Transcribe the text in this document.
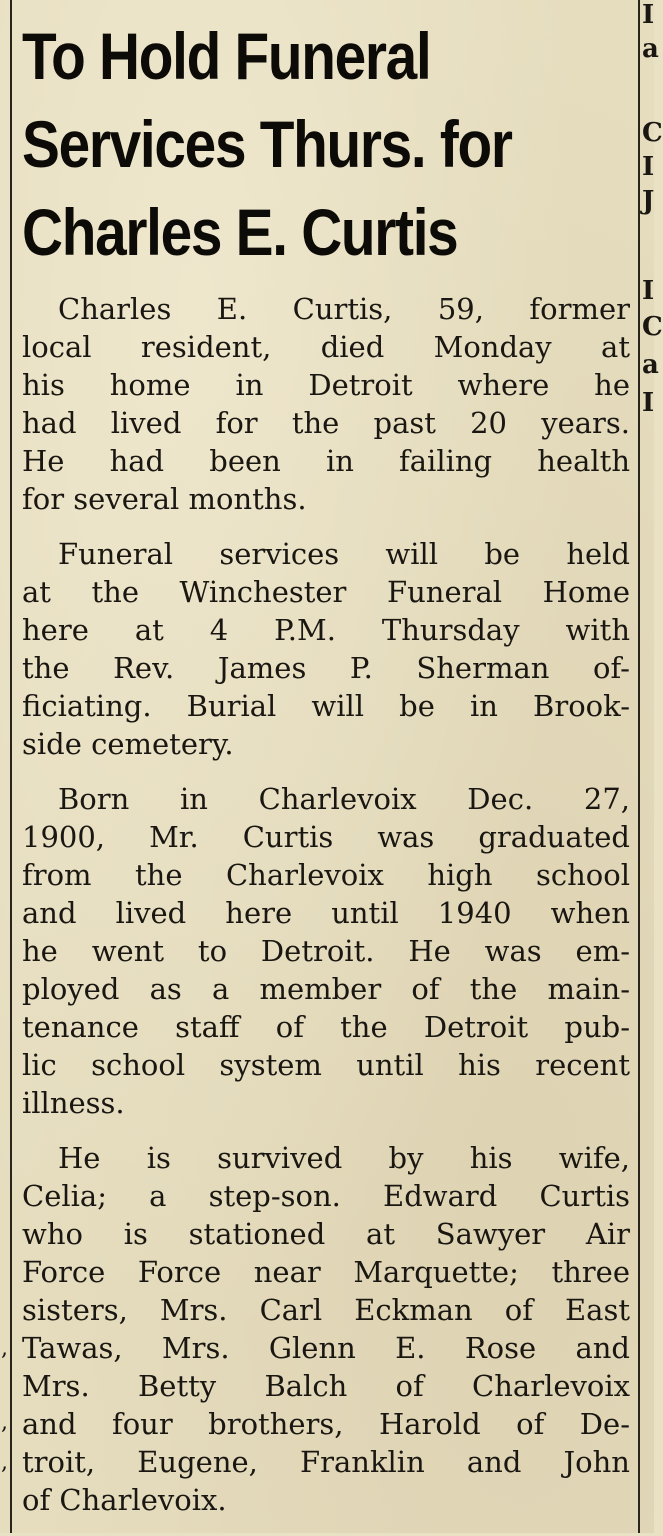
,
,
,
I
a
C
I
J
I
C
a
I
To Hold Funeral
Services Thurs. for
Charles E. Curtis

Charles E. Curtis, 59, former
local resident, died Monday at
his home in Detroit where he
had lived for the past 20 years.
He had been in failing health
for several months.

Funeral services will be held
at the Winchester Funeral Home
here at 4 P.M. Thursday with
the Rev. James P. Sherman of-
ficiating. Burial will be in Brook-
side cemetery.

Born in Charlevoix Dec. 27,
1900, Mr. Curtis was graduated
from the Charlevoix high school
and lived here until 1940 when
he went to Detroit. He was em-
ployed as a member of the main-
tenance staff of the Detroit pub-
lic school system until his recent
illness.

He is survived by his wife,
Celia; a step-son. Edward Curtis
who is stationed at Sawyer Air
Force Force near Marquette; three
sisters, Mrs. Carl Eckman of East
Tawas, Mrs. Glenn E. Rose and
Mrs. Betty Balch of Charlevoix
and four brothers, Harold of De-
troit, Eugene, Franklin and John
of Charlevoix.
